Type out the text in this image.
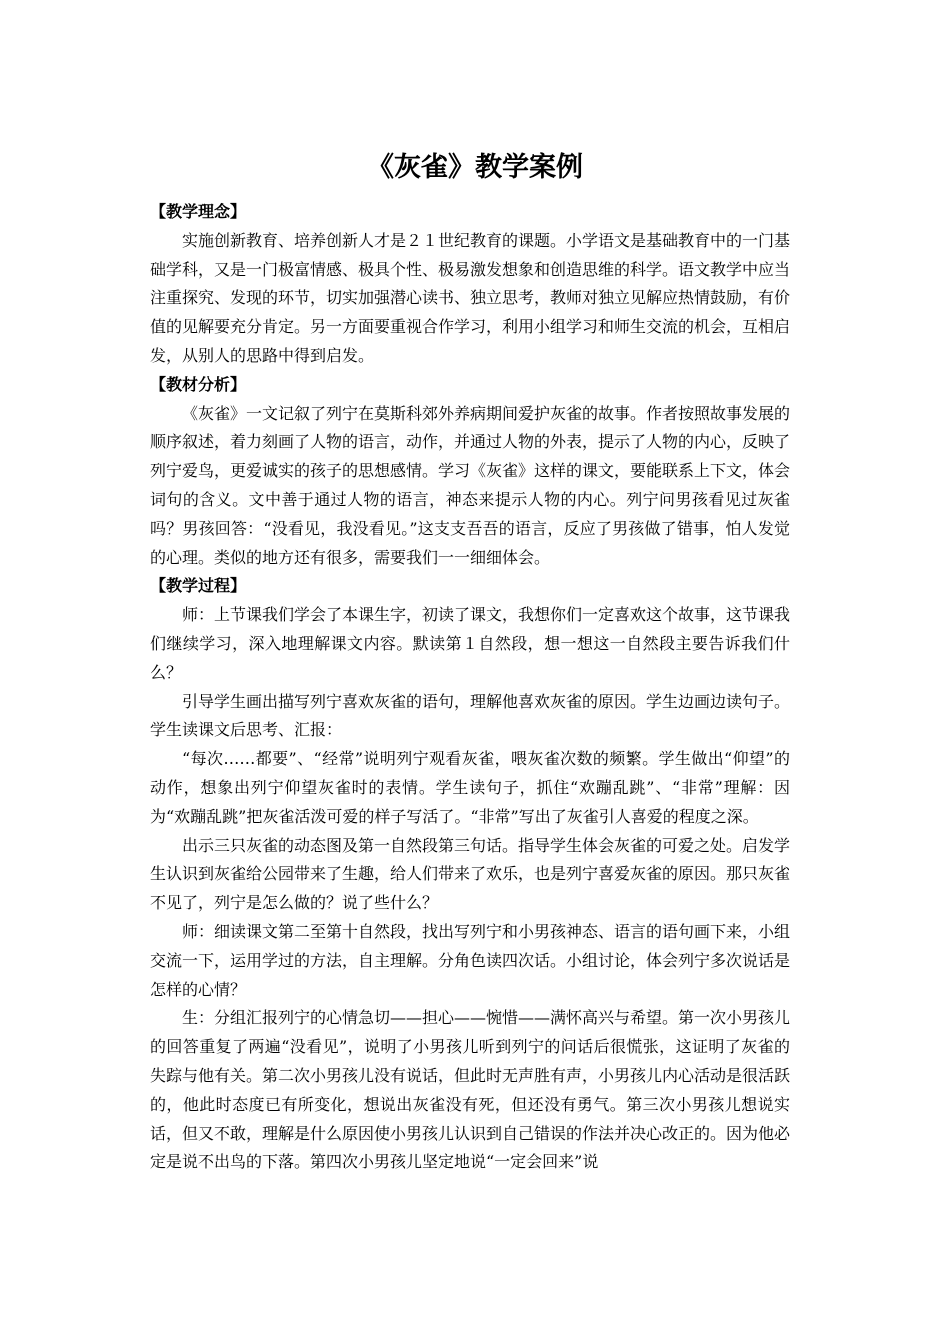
《灰雀》教学案例
【教学理念】

实施创新教育、培养创新人才是２１世纪教育的课题。小学语文是基础教育中的一门基础学科，又是一门极富情感、极具个性、极易激发想象和创造思维的科学。语文教学中应当注重探究、发现的环节，切实加强潜心读书、独立思考，教师对独立见解应热情鼓励，有价值的见解要充分肯定。另一方面要重视合作学习，利用小组学习和师生交流的机会，互相启发，从别人的思路中得到启发。

【教材分析】

《灰雀》一文记叙了列宁在莫斯科郊外养病期间爱护灰雀的故事。作者按照故事发展的顺序叙述，着力刻画了人物的语言，动作，并通过人物的外表，提示了人物的内心，反映了列宁爱鸟，更爱诚实的孩子的思想感情。学习《灰雀》这样的课文，要能联系上下文，体会词句的含义。文中善于通过人物的语言，神态来提示人物的内心。列宁问男孩看见过灰雀吗？男孩回答：“没看见，我没看见。”这支支吾吾的语言，反应了男孩做了错事，怕人发觉的心理。类似的地方还有很多，需要我们一一细细体会。

【教学过程】

师：上节课我们学会了本课生字，初读了课文，我想你们一定喜欢这个故事，这节课我们继续学习，深入地理解课文内容。默读第１自然段，想一想这一自然段主要告诉我们什么？

引导学生画出描写列宁喜欢灰雀的语句，理解他喜欢灰雀的原因。学生边画边读句子。学生读课文后思考、汇报：

“每次……都要”、“经常”说明列宁观看灰雀，喂灰雀次数的频繁。学生做出“仰望”的动作，想象出列宁仰望灰雀时的表情。学生读句子，抓住“欢蹦乱跳”、“非常”理解：因为“欢蹦乱跳”把灰雀活泼可爱的样子写活了。“非常”写出了灰雀引人喜爱的程度之深。

出示三只灰雀的动态图及第一自然段第三句话。指导学生体会灰雀的可爱之处。启发学生认识到灰雀给公园带来了生趣，给人们带来了欢乐，也是列宁喜爱灰雀的原因。那只灰雀不见了，列宁是怎么做的？说了些什么？

师：细读课文第二至第十自然段，找出写列宁和小男孩神态、语言的语句画下来，小组交流一下，运用学过的方法，自主理解。分角色读四次话。小组讨论，体会列宁多次说话是怎样的心情？

生：分组汇报列宁的心情急切——担心——惋惜——满怀高兴与希望。第一次小男孩儿的回答重复了两遍“没看见”，说明了小男孩儿听到列宁的问话后很慌张，这证明了灰雀的失踪与他有关。第二次小男孩儿没有说话，但此时无声胜有声，小男孩儿内心活动是很活跃的，他此时态度已有所变化，想说出灰雀没有死，但还没有勇气。第三次小男孩儿想说实话，但又不敢，理解是什么原因使小男孩儿认识到自己错误的作法并决心改正的。因为他必定是说不出鸟的下落。第四次小男孩儿坚定地说“一定会回来”说
